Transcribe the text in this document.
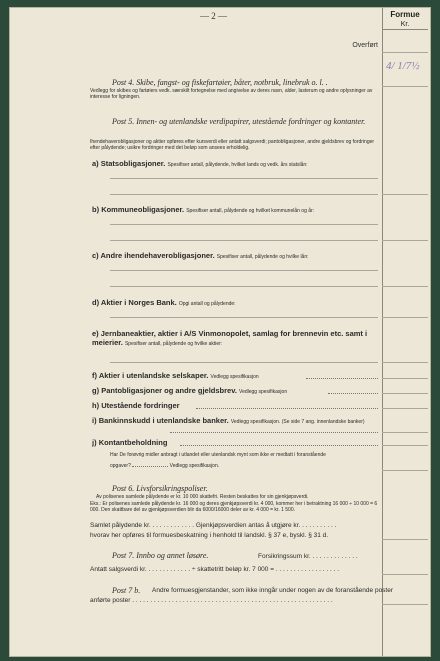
— 2 —	Formue
Kr.
Overført
4/ 1/7½
Post 4. Skibe, fangst- og fiskefartøier, båter, notbruk, linebruk o. l. .
Vedlegg for skibes og fartøiers vedk. særskilt fortegnelse med angivelse av deres navn, alder, lasterum og andre oplysninger av interesse for ligningen.
Post 5. Innen- og utenlandske verdipapirer, utestående fordringer og kontanter.
Ihendehaverobligasjoner og aktier opføres efter kursverdi eller antatt salgsverdi; pantobligasjoner, andre gjeldsbrev og fordringer efter pålydende; usikre fordringer med det beløp som ansees erholdelig.
a) Statsobligasjoner. Spesifiser antall, pålydende, hvilket lands og vedk. års statslån:
b) Kommuneobligasjoner. Spesifiser antall, pålydende og hvilket kommunelån og år:
c) Andre ihendehaverobligasjoner. Spesifiser antall, pålydende og hvilke lån:
d) Aktier i Norges Bank. Opgi antall og pålydende:
e) Jernbaneaktier, aktier i A/S Vinmonopolet, samlag for brennevin etc. samt i meierier. Spesifiser antall, pålydende og hvilke aktier:
f) Aktier i utenlandske selskaper. Vedlegg spesifikasjon
g) Pantobligasjoner og andre gjeldsbrev. Vedlegg spesifikasjon
h) Utestående fordringer
i) Bankinnskudd i utenlandske banker. Vedlegg spesifikasjon. (Se side 7 ang. innenlandske banker)
j) Kontantbeholdning
Har De forøvrig midler anbragt i utlandet eller utenlandsk mynt som ikke er medtatt i foranstående
opgaver?	Vedlegg spesifikasjon.
Post 6. Livsforsikringspoliser.
Av polisenes samlede pålydende er kr. 10 000 skattefri. Resten beskattes for sin gjenkjøpsverdi.
Eks.: Er polisenes samlede pålydende kr. 16 000 og deres gjenkjøpsverdi kr. 4 000, kommer her i betraktning 16 000 ÷ 10 000 = 6 000. Den skattbare del av gjenkjøpsverdien blir da 6000/16000 deler av kr. 4 000 = kr. 1 500.
Samlet pålydende kr. . . . . . . . . . . . . Gjenkjøpsverdien antas å utgjøre kr. . . . . . . . . . .
hvorav her opføres til formuesbeskatning i henhold til landskl. § 37 e, byskl. § 31 d.
Post 7. Innbo og annet løsøre.	Forsikringssum kr. . . . . . . . . . . . . .
Antatt salgsverdi kr. . . . . . . . . . . . . ÷ skattetritt beløp kr. 7 000 = . . . . . . . . . . . . . . . . . .
Post 7 b. Andre formuesgjenstander, som ikke inngår under nogen av de foranstående poster
anførte poster . . . . . . . . . . . . . . . . . . . . . . . . . . . . . . . . . . . . . . . . . . . . . . . . . . . . . . . .
